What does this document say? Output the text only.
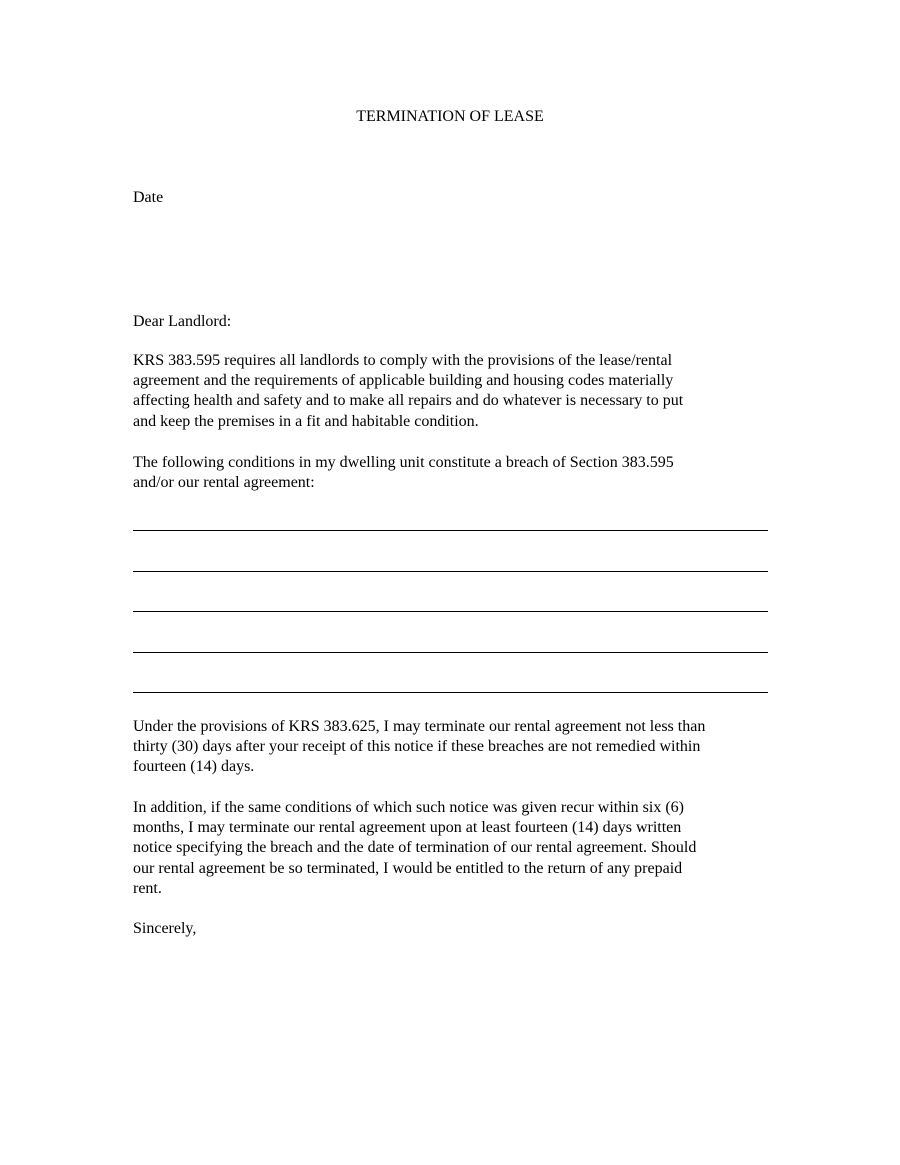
TERMINATION OF LEASE
Date
Dear Landlord:
KRS 383.595 requires all landlords to comply with the provisions of the lease/rental
agreement and the requirements of applicable building and housing codes materially
affecting health and safety and to make all repairs and do whatever is necessary to put
and keep the premises in a fit and habitable condition.
The following conditions in my dwelling unit constitute a breach of Section 383.595
and/or our rental agreement:
Under the provisions of KRS 383.625, I may terminate our rental agreement not less than
thirty (30) days after your receipt of this notice if these breaches are not remedied within
fourteen (14) days.
In addition, if the same conditions of which such notice was given recur within six (6)
months, I may terminate our rental agreement upon at least fourteen (14) days written
notice specifying the breach and the date of termination of our rental agreement. Should
our rental agreement be so terminated, I would be entitled to the return of any prepaid
rent.
Sincerely,
